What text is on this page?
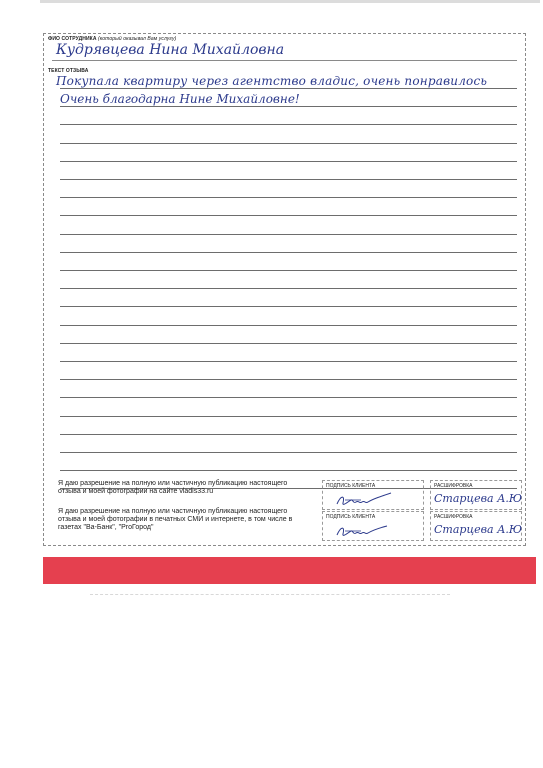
ФИО СОТРУДНИКА (который оказывал Вам услугу)
Кудрявцева Нина Михайловна
ТЕКСТ ОТЗЫВА
Покупала квартиру через агентство владис, очень понравилось
Очень благодарна Нине Михайловне!
Я даю разрешение на полную или частичную публикацию настоящего отзыва и моей фотографии на сайте vladis33.ru
ПОДПИСЬ КЛИЕНТА	РАСШИФРОВКА
Старцева А.Ю
Я даю разрешение на полную или частичную публикацию настоящего отзыва и моей фотографии в печатных СМИ и интернете, в том числе в газетах "Ва-Банк", "PrоГород"
ПОДПИСЬ КЛИЕНТА	РАСШИФРОВКА
Старцева А.Ю
